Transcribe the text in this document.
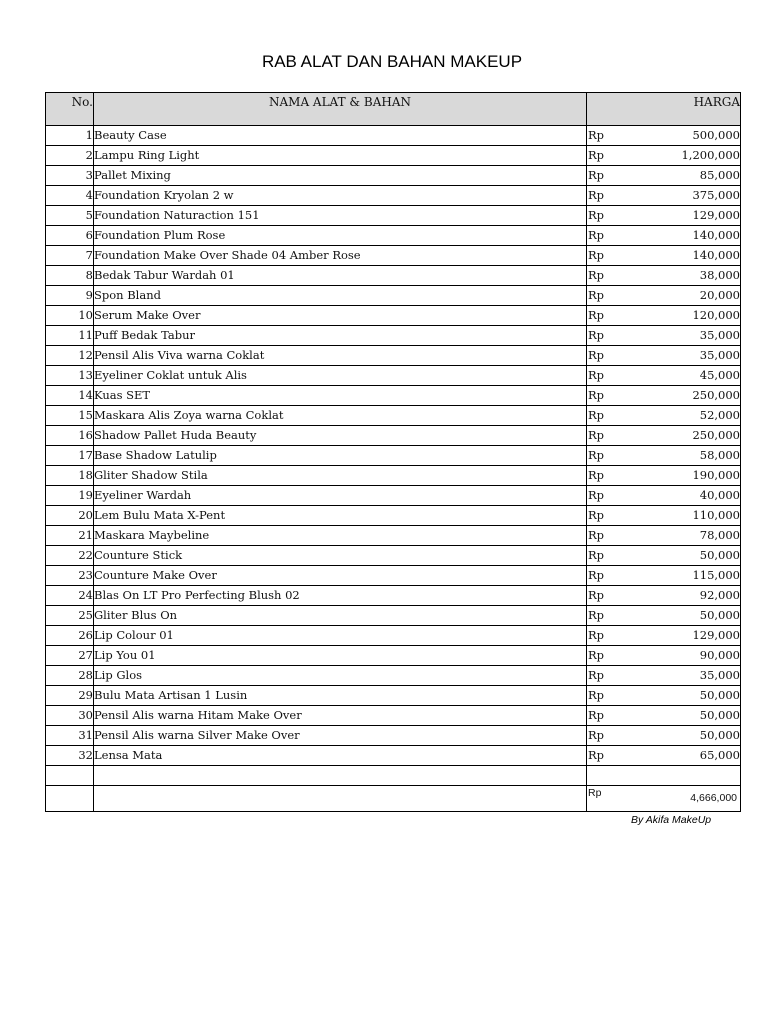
RAB ALAT DAN BAHAN MAKEUP
No.	NAMA ALAT & BAHAN	HARGA
1	Beauty Case	Rp 500,000
2	Lampu Ring Light	Rp 1,200,000
3	Pallet Mixing	Rp 85,000
4	Foundation Kryolan 2 w	Rp 375,000
5	Foundation Naturaction 151	Rp 129,000
6	Foundation Plum Rose	Rp 140,000
7	Foundation Make Over Shade 04 Amber Rose	Rp 140,000
8	Bedak Tabur Wardah 01	Rp 38,000
9	Spon Bland	Rp 20,000
10	Serum Make Over	Rp 120,000
11	Puff Bedak Tabur	Rp 35,000
12	Pensil Alis Viva warna Coklat	Rp 35,000
13	Eyeliner Coklat untuk Alis	Rp 45,000
14	Kuas SET	Rp 250,000
15	Maskara Alis Zoya warna Coklat	Rp 52,000
16	Shadow Pallet Huda Beauty	Rp 250,000
17	Base Shadow Latulip	Rp 58,000
18	Gliter Shadow Stila	Rp 190,000
19	Eyeliner Wardah	Rp 40,000
20	Lem Bulu Mata X-Pent	Rp 110,000
21	Maskara Maybeline	Rp 78,000
22	Counture Stick	Rp 50,000
23	Counture Make Over	Rp 115,000
24	Blas On LT Pro Perfecting Blush 02	Rp 92,000
25	Gliter Blus On	Rp 50,000
26	Lip Colour 01	Rp 129,000
27	Lip You 01	Rp 90,000
28	Lip Glos	Rp 35,000
29	Bulu Mata Artisan 1 Lusin	Rp 50,000
30	Pensil Alis warna Hitam Make Over	Rp 50,000
31	Pensil Alis warna Silver Make Over	Rp 50,000
32	Lensa Mata	Rp 65,000

		Rp 4,666,000
By Akifa MakeUp
